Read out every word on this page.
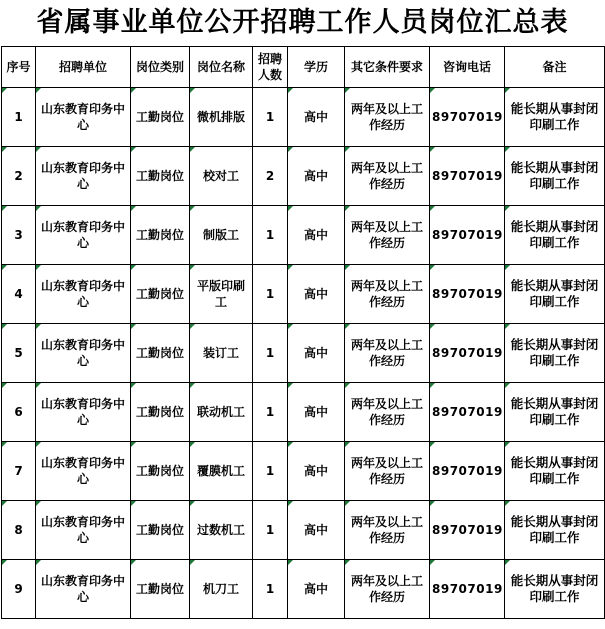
省属事业单位公开招聘工作人员岗位汇总表
序号	招聘单位	岗位类别	岗位名称	招聘人数	学历	其它条件要求	咨询电话	备注
1	山东教育印务中心	工勤岗位	微机排版	1	高中	两年及以上工作经历	89707019	能长期从事封闭印刷工作
2	山东教育印务中心	工勤岗位	校对工	2	高中	两年及以上工作经历	89707019	能长期从事封闭印刷工作
3	山东教育印务中心	工勤岗位	制版工	1	高中	两年及以上工作经历	89707019	能长期从事封闭印刷工作
4	山东教育印务中心	工勤岗位	平版印刷工	1	高中	两年及以上工作经历	89707019	能长期从事封闭印刷工作
5	山东教育印务中心	工勤岗位	装订工	1	高中	两年及以上工作经历	89707019	能长期从事封闭印刷工作
6	山东教育印务中心	工勤岗位	联动机工	1	高中	两年及以上工作经历	89707019	能长期从事封闭印刷工作
7	山东教育印务中心	工勤岗位	覆膜机工	1	高中	两年及以上工作经历	89707019	能长期从事封闭印刷工作
8	山东教育印务中心	工勤岗位	过数机工	1	高中	两年及以上工作经历	89707019	能长期从事封闭印刷工作
9	山东教育印务中心	工勤岗位	机刀工	1	高中	两年及以上工作经历	89707019	能长期从事封闭印刷工作
